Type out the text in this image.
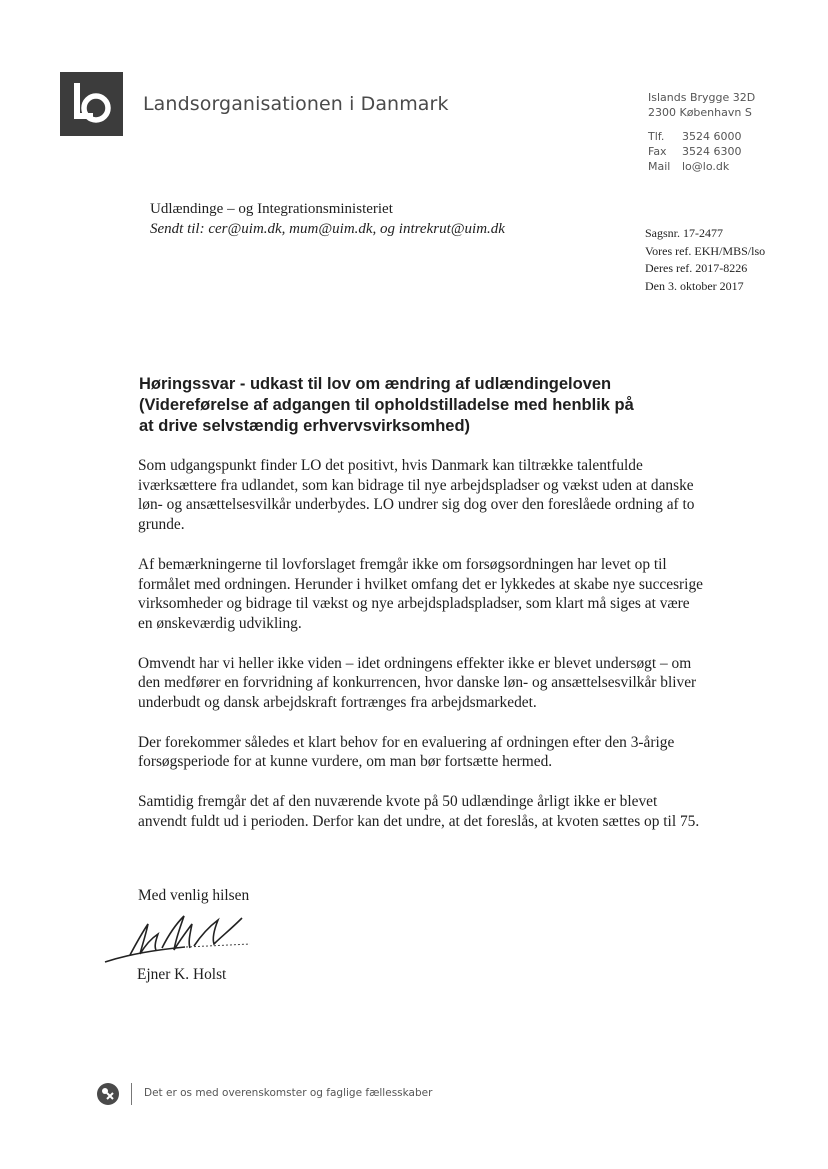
Landsorganisationen i Danmark	Islands Brygge 32D
2300 København S
Tlf. 3524 6000
Fax 3524 6300
Mail lo@lo.dk
Udlændinge – og Integrationsministeriet
Sendt til: cer@uim.dk, mum@uim.dk, og intrekrut@uim.dk	Sagsnr. 17-2477
Vores ref. EKH/MBS/lso
Deres ref. 2017-8226
Den 3. oktober 2017
Høringssvar - udkast til lov om ændring af udlændingeloven
(Videreførelse af adgangen til opholdstilladelse med henblik på
at drive selvstændig erhvervsvirksomhed)

Som udgangspunkt finder LO det positivt, hvis Danmark kan tiltrække talentfulde iværksættere fra udlandet, som kan bidrage til nye arbejdspladser og vækst uden at danske løn- og ansættelsesvilkår underbydes. LO undrer sig dog over den foreslåede ordning af to grunde.

Af bemærkningerne til lovforslaget fremgår ikke om forsøgsordningen har levet op til formålet med ordningen. Herunder i hvilket omfang det er lykkedes at skabe nye succesrige virksomheder og bidrage til vækst og nye arbejdspladspladser, som klart må siges at være en ønskeværdig udvikling.

Omvendt har vi heller ikke viden – idet ordningens effekter ikke er blevet undersøgt – om den medfører en forvridning af konkurrencen, hvor danske løn- og ansættelsesvilkår bliver underbudt og dansk arbejdskraft fortrænges fra arbejdsmarkedet.

Der forekommer således et klart behov for en evaluering af ordningen efter den 3-årige forsøgsperiode for at kunne vurdere, om man bør fortsætte hermed.

Samtidig fremgår det af den nuværende kvote på 50 udlændinge årligt ikke er blevet anvendt fuldt ud i perioden. Derfor kan det undre, at det foreslås, at kvoten sættes op til 75.

Med venlig hilsen
Ejner K. Holst
Det er os med overenskomster og faglige fællesskaber
